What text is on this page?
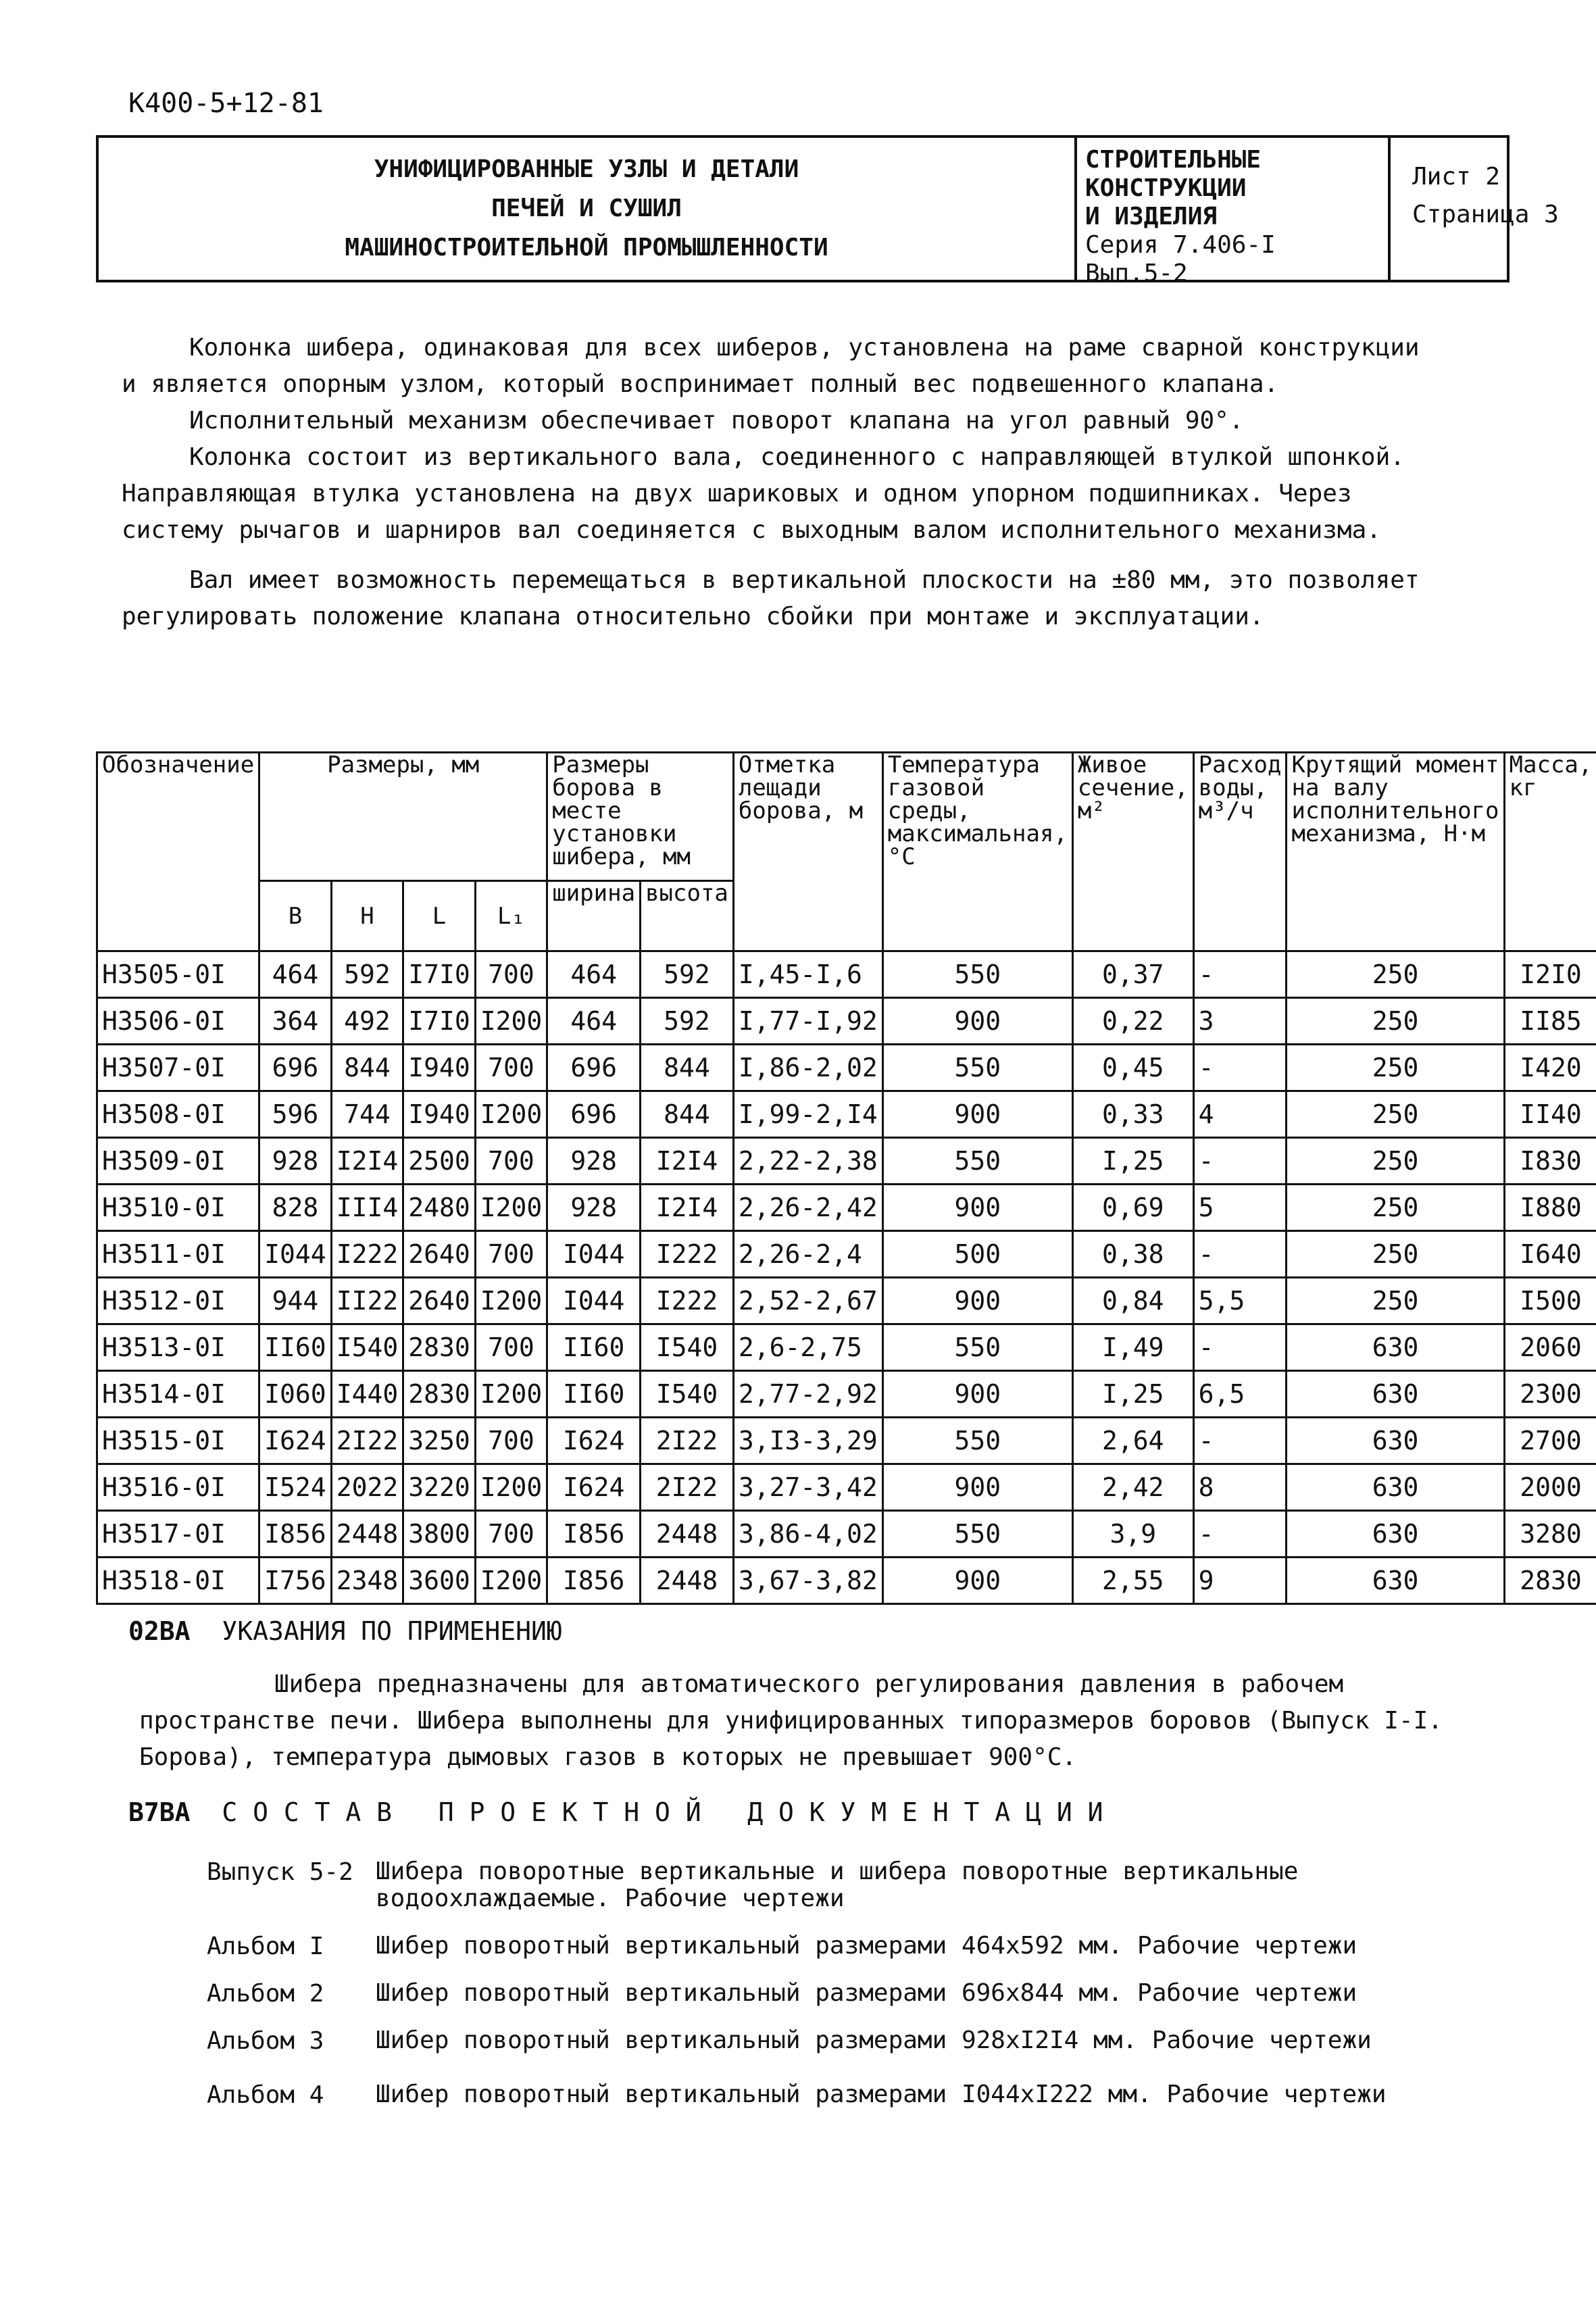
К400-5+12-81
УНИФИЦИРОВАННЫЕ УЗЛЫ И ДЕТАЛИ
ПЕЧЕЙ И СУШИЛ
МАШИНОСТРОИТЕЛЬНОЙ ПРОМЫШЛЕННОСТИ
СТРОИТЕЛЬНЫЕ
КОНСТРУКЦИИ
И ИЗДЕЛИЯ
Серия 7.406-I
Вып.5-2
Лист 2
Страница 3

Колонка шибера, одинаковая для всех шиберов, установлена на раме сварной конструкции и является опорным узлом, который воспринимает полный вес подвешенного клапана.

Исполнительный механизм обеспечивает поворот клапана на угол равный 90°.

Колонка состоит из вертикального вала, соединенного с направляющей втулкой шпонкой. Направляющая втулка установлена на двух шариковых и одном упорном подшипниках. Через систему рычагов и шарниров вал соединяется с выходным валом исполнительного механизма.

Вал имеет возможность перемещаться в вертикальной плоскости на ±80 мм, это позволяет регулировать положение клапана относительно сбойки при монтаже и эксплуатации.

Обозначение	Размеры, мм				Размеры борова в месте установки шибера, мм		Отметка лещади борова, м	Температура газовой среды, максимальная, °С	Живое сечение, м²	Расход воды, м³/ч	Крутящий момент на валу исполнительного механизма, Н·м	Масса, кг
	B	H	L	L₁	ширина	высота						
Н3505-0I	464	592	I7I0	700	464	592	I,45-I,6	550	0,37	-	250	I2I0
Н3506-0I	364	492	I7I0	I200	464	592	I,77-I,92	900	0,22	3	250	II85
Н3507-0I	696	844	I940	700	696	844	I,86-2,02	550	0,45	-	250	I420
Н3508-0I	596	744	I940	I200	696	844	I,99-2,I4	900	0,33	4	250	II40
Н3509-0I	928	I2I4	2500	700	928	I2I4	2,22-2,38	550	I,25	-	250	I830
Н3510-0I	828	III4	2480	I200	928	I2I4	2,26-2,42	900	0,69	5	250	I880
Н3511-0I	I044	I222	2640	700	I044	I222	2,26-2,4	500	0,38	-	250	I640
Н3512-0I	944	II22	2640	I200	I044	I222	2,52-2,67	900	0,84	5,5	250	I500
Н3513-0I	II60	I540	2830	700	II60	I540	2,6-2,75	550	I,49	-	630	2060
Н3514-0I	I060	I440	2830	I200	II60	I540	2,77-2,92	900	I,25	6,5	630	2300
Н3515-0I	I624	2I22	3250	700	I624	2I22	3,I3-3,29	550	2,64	-	630	2700
Н3516-0I	I524	2022	3220	I200	I624	2I22	3,27-3,42	900	2,42	8	630	2000
Н3517-0I	I856	2448	3800	700	I856	2448	3,86-4,02	550	3,9	-	630	3280
Н3518-0I	I756	2348	3600	I200	I856	2448	3,67-3,82	900	2,55	9	630	2830
02ВА УКАЗАНИЯ ПО ПРИМЕНЕНИЮ

Шибера предназначены для автоматического регулирования давления в рабочем пространстве печи. Шибера выполнены для унифицированных типоразмеров боровов (Выпуск I-I. Борова), температура дымовых газов в которых не превышает 900°С.

В7ВА С О С Т А В   П Р О Е К Т Н О Й   Д О К У М Е Н Т А Ц И И
Выпуск 5-2 Шибера поворотные вертикальные и шибера поворотные вертикальные водоохлаждаемые. Рабочие чертежи
Альбом I	Шибер поворотный вертикальный размерами 464x592 мм. Рабочие чертежи
Альбом 2	Шибер поворотный вертикальный размерами 696x844 мм. Рабочие чертежи
Альбом 3	Шибер поворотный вертикальный размерами 928xI2I4 мм. Рабочие чертежи
Альбом 4	Шибер поворотный вертикальный размерами I044xI222 мм. Рабочие чертежи
